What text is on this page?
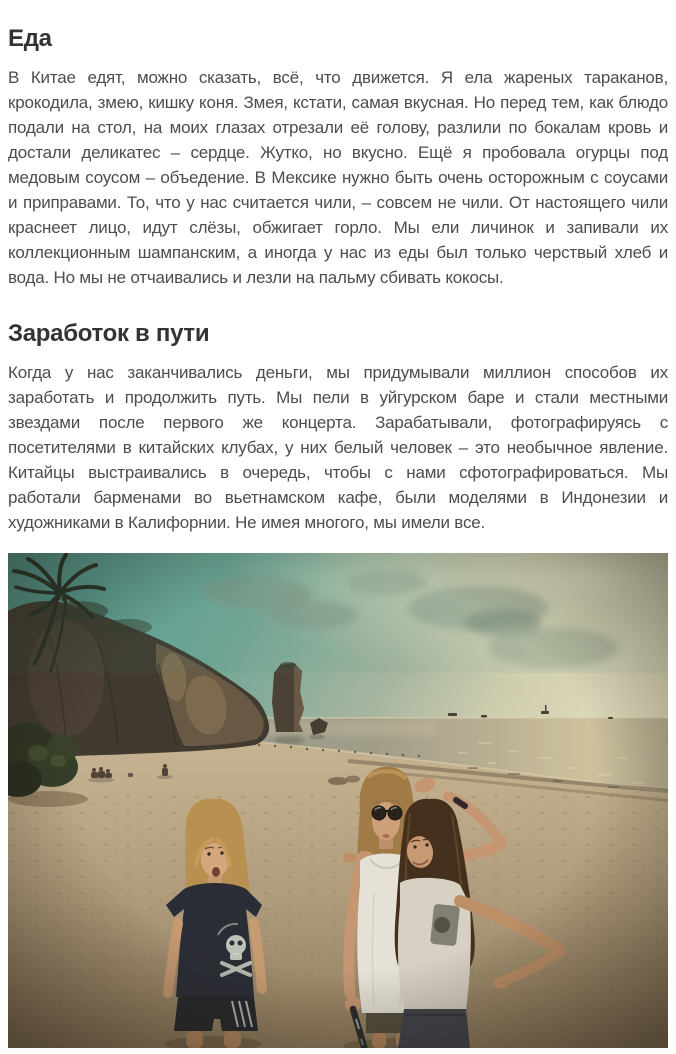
Еда

В Китае едят, можно сказать, всё, что движется. Я ела жареных тараканов, крокодила, змею, кишку коня. Змея, кстати, самая вкусная. Но перед тем, как блюдо подали на стол, на моих глазах отрезали её голову, разлили по бокалам кровь и достали деликатес – сердце. Жутко, но вкусно. Ещё я пробовала огурцы под медовым соусом – объедение. В Мексике нужно быть очень осторожным с соусами и приправами. То, что у нас считается чили, – совсем не чили. От настоящего чили краснеет лицо, идут слёзы, обжигает горло. Мы ели личинок и запивали их коллекционным шампанским, а иногда у нас из еды был только черствый хлеб и вода. Но мы не отчаивались и лезли на пальму сбивать кокосы.

Заработок в пути

Когда у нас заканчивались деньги, мы придумывали миллион способов их заработать и продолжить путь. Мы пели в уйгурском баре и стали местными звездами после первого же концерта. Зарабатывали, фотографируясь с посетителями в китайских клубах, у них белый человек – это необычное явление. Китайцы выстраивались в очередь, чтобы с нами сфотографироваться. Мы работали барменами во вьетнамском кафе, были моделями в Индонезии и художниками в Калифорнии. Не имея многого, мы имели все.
